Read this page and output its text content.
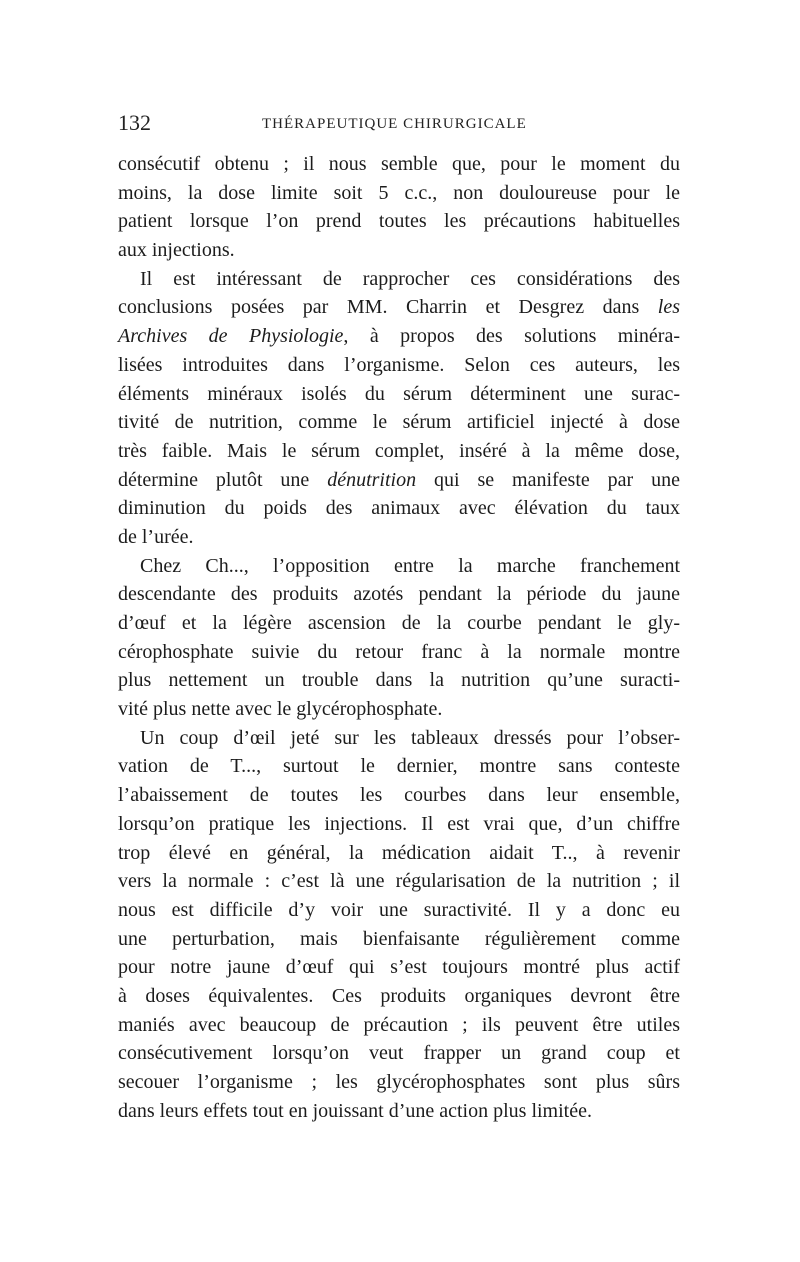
132	THÉRAPEUTIQUE CHIRURGICALE
consécutif obtenu ; il nous semble que, pour le moment du
moins, la dose limite soit 5 c.c., non douloureuse pour le
patient lorsque l’on prend toutes les précautions habituelles
aux injections.
Il est intéressant de rapprocher ces considérations des
conclusions posées par MM. Charrin et Desgrez dans les
Archives de Physiologie, à propos des solutions minéra-
lisées introduites dans l’organisme. Selon ces auteurs, les
éléments minéraux isolés du sérum déterminent une surac-
tivité de nutrition, comme le sérum artificiel injecté à dose
très faible. Mais le sérum complet, inséré à la même dose,
détermine plutôt une dénutrition qui se manifeste par une
diminution du poids des animaux avec élévation du taux
de l’urée.
Chez Ch..., l’opposition entre la marche franchement
descendante des produits azotés pendant la période du jaune
d’œuf et la légère ascension de la courbe pendant le gly-
cérophosphate suivie du retour franc à la normale montre
plus nettement un trouble dans la nutrition qu’une suracti-
vité plus nette avec le glycérophosphate.
Un coup d’œil jeté sur les tableaux dressés pour l’obser-
vation de T..., surtout le dernier, montre sans conteste
l’abaissement de toutes les courbes dans leur ensemble,
lorsqu’on pratique les injections. Il est vrai que, d’un chiffre
trop élevé en général, la médication aidait T.., à revenir
vers la normale : c’est là une régularisation de la nutrition ; il
nous est difficile d’y voir une suractivité. Il y a donc eu
une perturbation, mais bienfaisante régulièrement comme
pour notre jaune d’œuf qui s’est toujours montré plus actif
à doses équivalentes. Ces produits organiques devront être
maniés avec beaucoup de précaution ; ils peuvent être utiles
consécutivement lorsqu’on veut frapper un grand coup et
secouer l’organisme ; les glycérophosphates sont plus sûrs
dans leurs effets tout en jouissant d’une action plus limitée.
